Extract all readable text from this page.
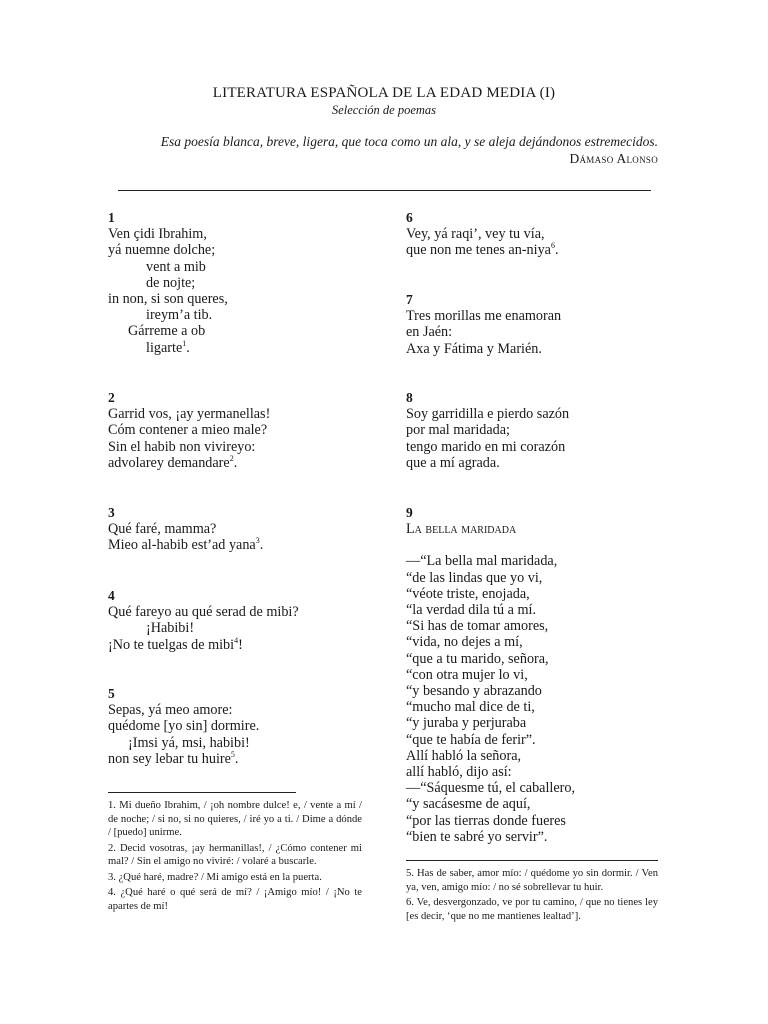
LITERATURA ESPAÑOLA DE LA EDAD MEDIA (I)
Selección de poemas
Esa poesía blanca, breve, ligera, que toca como un ala, y se aleja dejándonos estremecidos.
Dámaso Alonso
1
Ven çidi Ibrahim,
yá nuemne dolche;
vent a mib
de nojte;
in non, si son queres,
ireym’a tib.
Gárreme a ob
ligarte$^1$.
2
Garrid vos, ¡ay yermanellas!
Cóm contener a mieo male?
Sin el habib non vivireyo:
advolarey demandare$^2$.
3
Qué faré, mamma?
Mieo al-habib est’ad yana$^3$.
4
Qué fareyo au qué serad de mibi?
¡Habibi!
¡No te tuelgas de mibi$^4$!
5
Sepas, yá meo amore:
quédome [yo sin] dormire.
¡Imsi yá, msi, habibi!
non sey lebar tu huire$^5$.
6
Vey, yá raqi’, vey tu vía,
que non me tenes an-niya$^6$.
7
Tres morillas me enamoran
en Jaén:
Axa y Fátima y Marién.
8
Soy garridilla e pierdo sazón
por mal maridada;
tengo marido en mi corazón
que a mí agrada.
9
La bella maridada
—“La bella mal maridada,
“de las lindas que yo vi,
“véote triste, enojada,
“la verdad dila tú a mí.
“Si has de tomar amores,
“vida, no dejes a mí,
“que a tu marido, señora,
“con otra mujer lo vi,
“y besando y abrazando
“mucho mal dice de ti,
“y juraba y perjuraba
“que te había de ferir”.
Allí habló la señora,
allí habló, dijo así:
—“Sáquesme tú, el caballero,
“y sacásesme de aquí,
“por las tierras donde fueres
“bien te sabré yo servir”.

1. Mi dueño Ibrahim, / ¡oh nombre dulce! e, / vente a mí / de noche; / si no, si no quieres, / iré yo a ti. / Dime a dónde / [puedo] unirme.

2. Decid vosotras, ¡ay hermanillas!, / ¿Cómo contener mi mal? / Sin el amigo no viviré: / volaré a buscarle.

3. ¿Qué haré, madre? / Mi amigo está en la puerta.

4. ¿Qué haré o qué será de mí? / ¡Amigo mío! / ¡No te apartes de mí!

5. Has de saber, amor mío: / quédome yo sin dormir. / Ven ya, ven, amigo mío: / no sé sobrellevar tu huir.

6. Ve, desvergonzado, ve por tu camino, / que no tienes ley [es decir, ‘que no me mantienes lealtad’].
